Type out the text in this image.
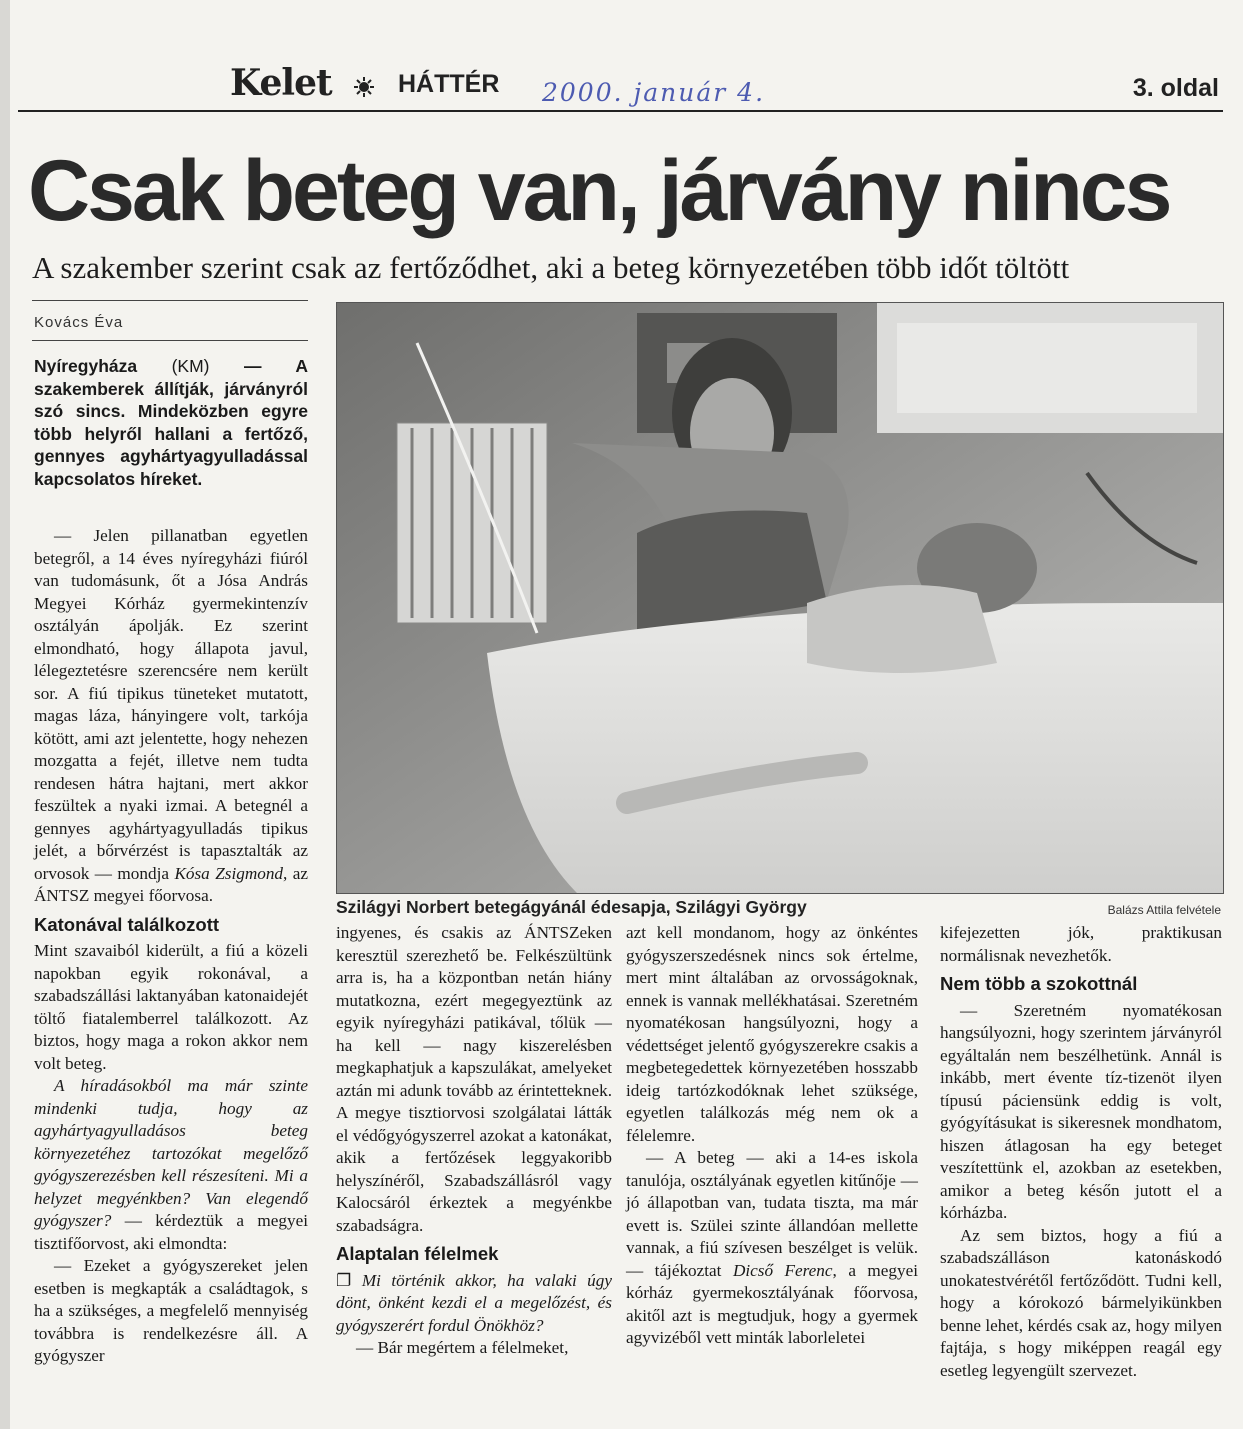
Kelet	HÁTTÉR 2000. január 4.	3. oldal
Csak beteg van, járvány nincs
A szakember szerint csak az fertőződhet, aki a beteg környezetében több időt töltött
Kovács Éva
Nyíregyháza (KM) — A szakemberek állítják, járványról szó sincs. Mindeközben egyre több helyről hallani a fertőző, gennyes agyhártyagyulladással kapcsolatos híreket.

— Jelen pillanatban egyetlen betegről, a 14 éves nyíregyházi fiúról van tudomásunk, őt a Jósa András Megyei Kórház gyermekintenzív osztályán ápolják. Ez szerint elmondható, hogy állapota javul, lélegeztetésre szerencsére nem került sor. A fiú tipikus tüneteket mutatott, magas láza, hányingere volt, tarkója kötött, ami azt jelentette, hogy nehezen mozgatta a fejét, illetve nem tudta rendesen hátra hajtani, mert akkor feszültek a nyaki izmai. A betegnél a gennyes agyhártyagyulladás tipikus jelét, a bőrvérzést is tapasztalták az orvosok — mondja Kósa Zsigmond, az ÁNTSZ megyei főorvosa.

Katonával találkozott

Mint szavaiból kiderült, a fiú a közeli napokban egyik rokonával, a szabadszállási laktanyában katonaidejét töltő fiatalemberrel találkozott. Az biztos, hogy maga a rokon akkor nem volt beteg.

A híradásokból ma már szinte mindenki tudja, hogy az agyhártyagyulladásos beteg környezetéhez tartozókat megelőző gyógyszerezésben kell részesíteni. Mi a helyzet megyénkben? Van elegendő gyógyszer? — kérdeztük a megyei tisztifőorvost, aki elmondta:

— Ezeket a gyógyszereket jelen esetben is megkapták a családtagok, s ha a szükséges, a megfelelő mennyiség továbbra is rendelkezésre áll. A gyógyszer

Szilágyi Norbert betegágyánál édesapja, Szilágyi György	Balázs Attila felvétele

ingyenes, és csakis az ÁNTSZeken keresztül szerezhető be. Felkészültünk arra is, ha a központban netán hiány mutatkozna, ezért megegyeztünk az egyik nyíregyházi patikával, tőlük — ha kell — nagy kiszerelésben megkaphatjuk a kapszulákat, amelyeket aztán mi adunk tovább az érintetteknek. A megye tisztiorvosi szolgálatai látták el védőgyógyszerrel azokat a katonákat, akik a fertőzések leggyakoribb helyszínéről, Szabadszállásról vagy Kalocsáról érkeztek a megyénkbe szabadságra.

Alaptalan félelmek

❐ Mi történik akkor, ha valaki úgy dönt, önként kezdi el a megelőzést, és gyógyszerért fordul Önökhöz?

— Bár megértem a félelmeket,

azt kell mondanom, hogy az önkéntes gyógyszerszedésnek nincs sok értelme, mert mint általában az orvosságoknak, ennek is vannak mellékhatásai. Szeretném nyomatékosan hangsúlyozni, hogy a védettséget jelentő gyógyszerekre csakis a megbetegedettek környezetében hosszabb ideig tartózkodóknak lehet szüksége, egyetlen találkozás még nem ok a félelemre.

— A beteg — aki a 14-es iskola tanulója, osztályának egyetlen kitűnője — jó állapotban van, tudata tiszta, ma már evett is. Szülei szinte állandóan mellette vannak, a fiú szívesen beszélget is velük. — tájékoztat Dicső Ferenc, a megyei kórház gyermekosztályának főorvosa, akitől azt is megtudjuk, hogy a gyermek agyvizéből vett minták laborleletei

kifejezetten jók, praktikusan normálisnak nevezhetők.

Nem több a szokottnál

— Szeretném nyomatékosan hangsúlyozni, hogy szerintem járványról egyáltalán nem beszélhetünk. Annál is inkább, mert évente tíz-tizenöt ilyen típusú páciensünk eddig is volt, gyógyításukat is sikeresnek mondhatom, hiszen átlagosan ha egy beteget veszítettünk el, azokban az esetekben, amikor a beteg későn jutott el a kórházba.

Az sem biztos, hogy a fiú a szabadszálláson katonáskodó unokatestvérétől fertőződött. Tudni kell, hogy a kórokozó bármelyikünkben benne lehet, kérdés csak az, hogy milyen fajtája, s hogy miképpen reagál egy esetleg legyengült szervezet.
